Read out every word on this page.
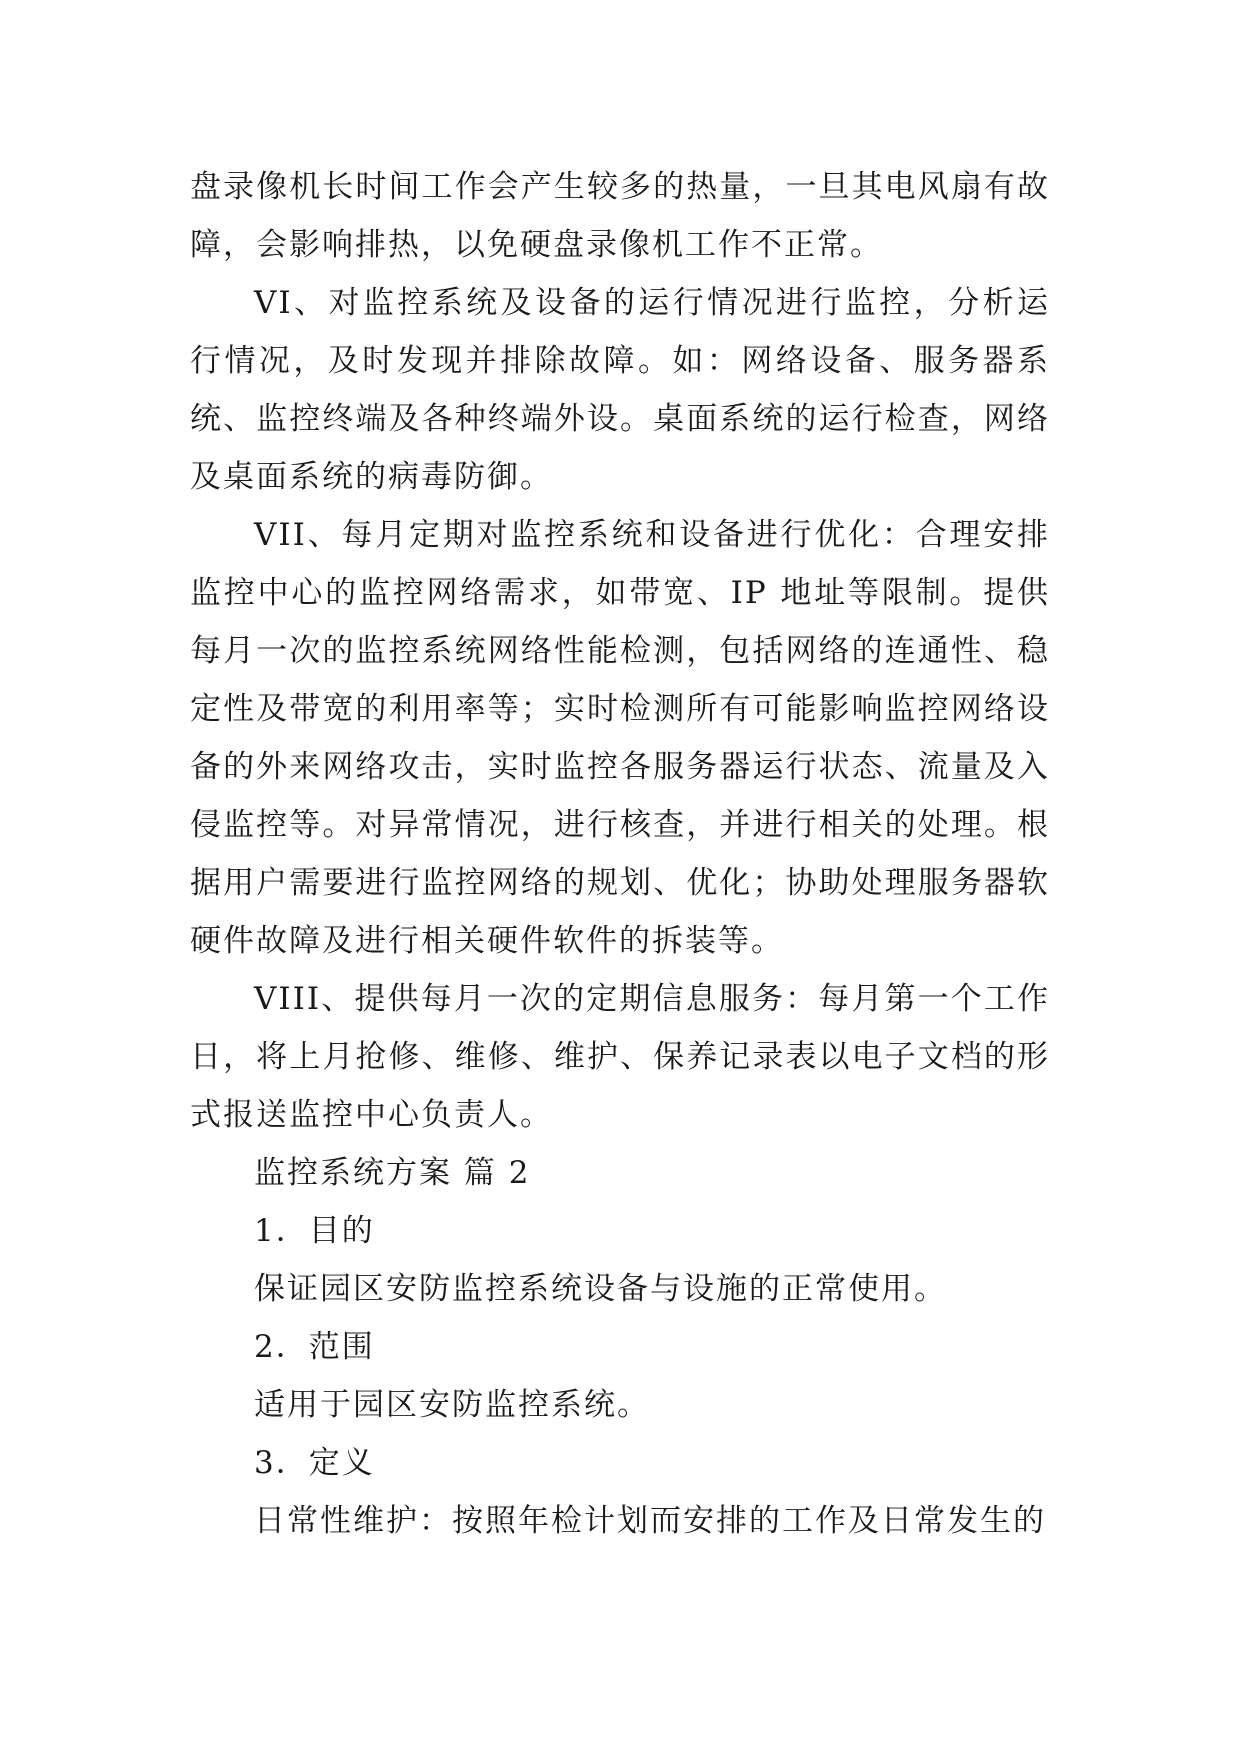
盘录像机长时间工作会产生较多的热量，一旦其电风扇有故障，会影响排热，以免硬盘录像机工作不正常。

VI、对监控系统及设备的运行情况进行监控，分析运行情况，及时发现并排除故障。如：网络设备、服务器系统、监控终端及各种终端外设。桌面系统的运行检查，网络及桌面系统的病毒防御。

VII、每月定期对监控系统和设备进行优化：合理安排监控中心的监控网络需求，如带宽、IP 地址等限制。提供每月一次的监控系统网络性能检测，包括网络的连通性、稳定性及带宽的利用率等；实时检测所有可能影响监控网络设备的外来网络攻击，实时监控各服务器运行状态、流量及入侵监控等。对异常情况，进行核查，并进行相关的处理。根据用户需要进行监控网络的规划、优化；协助处理服务器软硬件故障及进行相关硬件软件的拆装等。

VIII、提供每月一次的定期信息服务：每月第一个工作日，将上月抢修、维修、维护、保养记录表以电子文档的形式报送监控中心负责人。

监控系统方案 篇 2

1．目的

保证园区安防监控系统设备与设施的正常使用。

2．范围

适用于园区安防监控系统。

3．定义

日常性维护：按照年检计划而安排的工作及日常发生的
